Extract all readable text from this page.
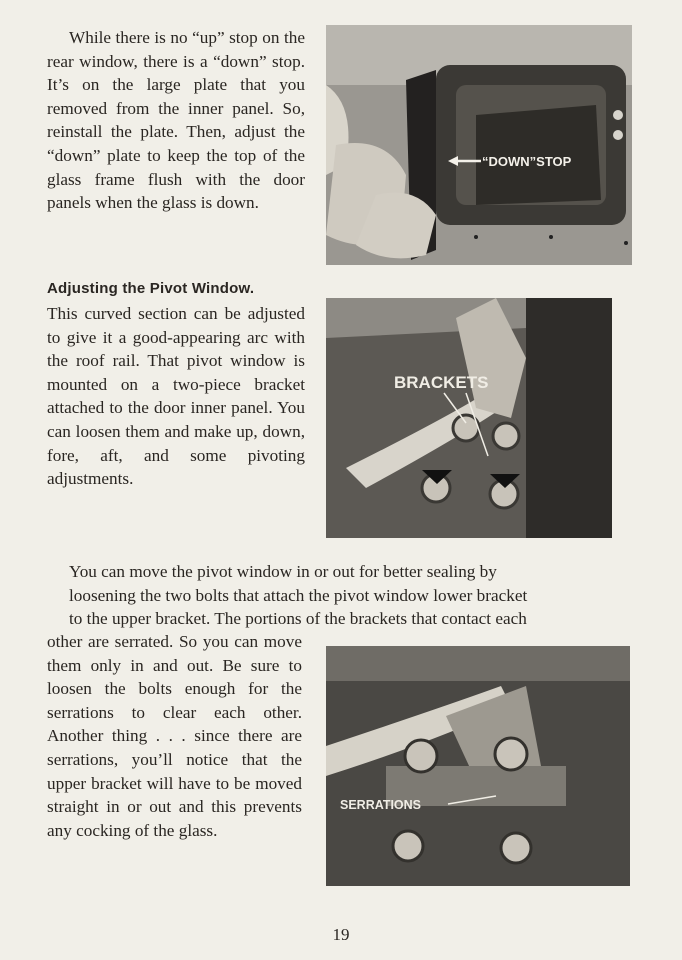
While there is no “up” stop on the rear window, there is a “down” stop. It’s on the large plate that you removed from the inner panel. So, reinstall the plate. Then, adjust the “down” plate to keep the top of the glass frame flush with the door panels when the glass is down.

“DOWN”STOP

Adjusting the Pivot Window.

This curved section can be adjusted to give it a good-appearing arc with the roof rail. That pivot window is mounted on a two-piece bracket attached to the door inner panel. You can loosen them and make up, down, fore, aft, and some pivoting adjustments.

BRACKETS

You can move the pivot window in or out for better sealing by
loosening the two bolts that attach the pivot window lower bracket
to the upper bracket. The portions of the brackets that contact each

other are serrated. So you can move them only in and out. Be sure to loosen the bolts enough for the serrations to clear each other. Another thing . . . since there are serrations, you’ll notice that the upper bracket will have to be moved straight in or out and this prevents any cocking of the glass.

SERRATIONS
19
